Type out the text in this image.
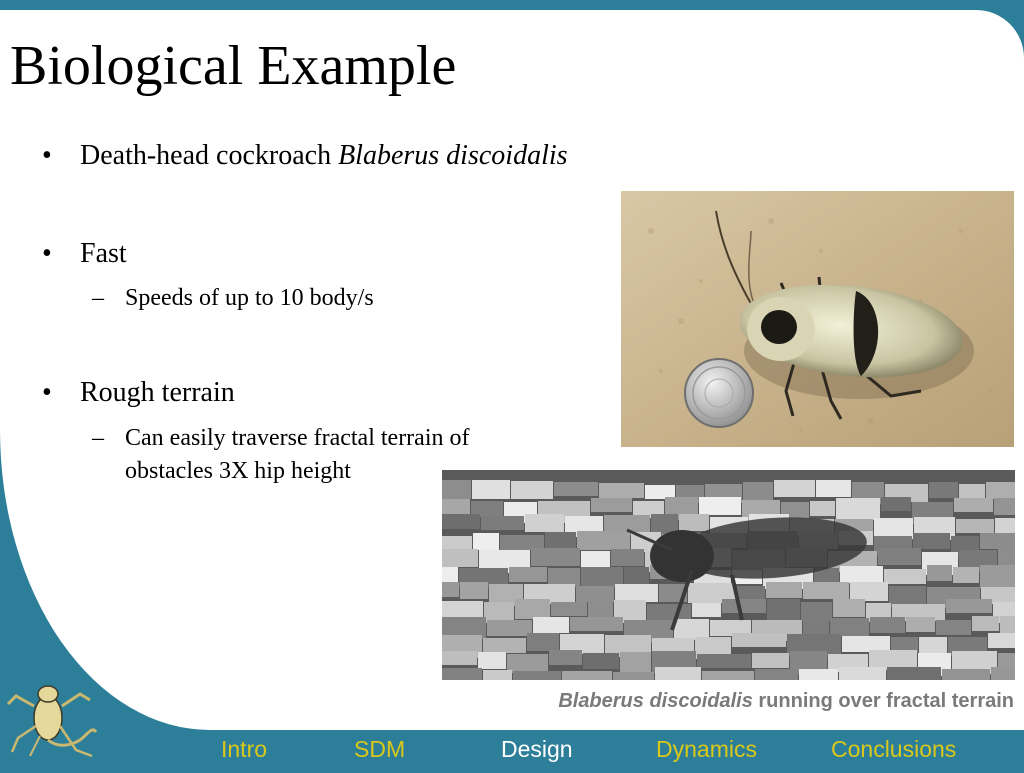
Biological Example
• Death-head cockroach Blaberus discoidalis
• Fast
– Speeds of up to 10 body/s
• Rough terrain
– Can easily traverse fractal terrain of obstacles 3X hip height
Blaberus discoidalis running over fractal terrain
Intro	SDM	Design	Dynamics	Conclusions
